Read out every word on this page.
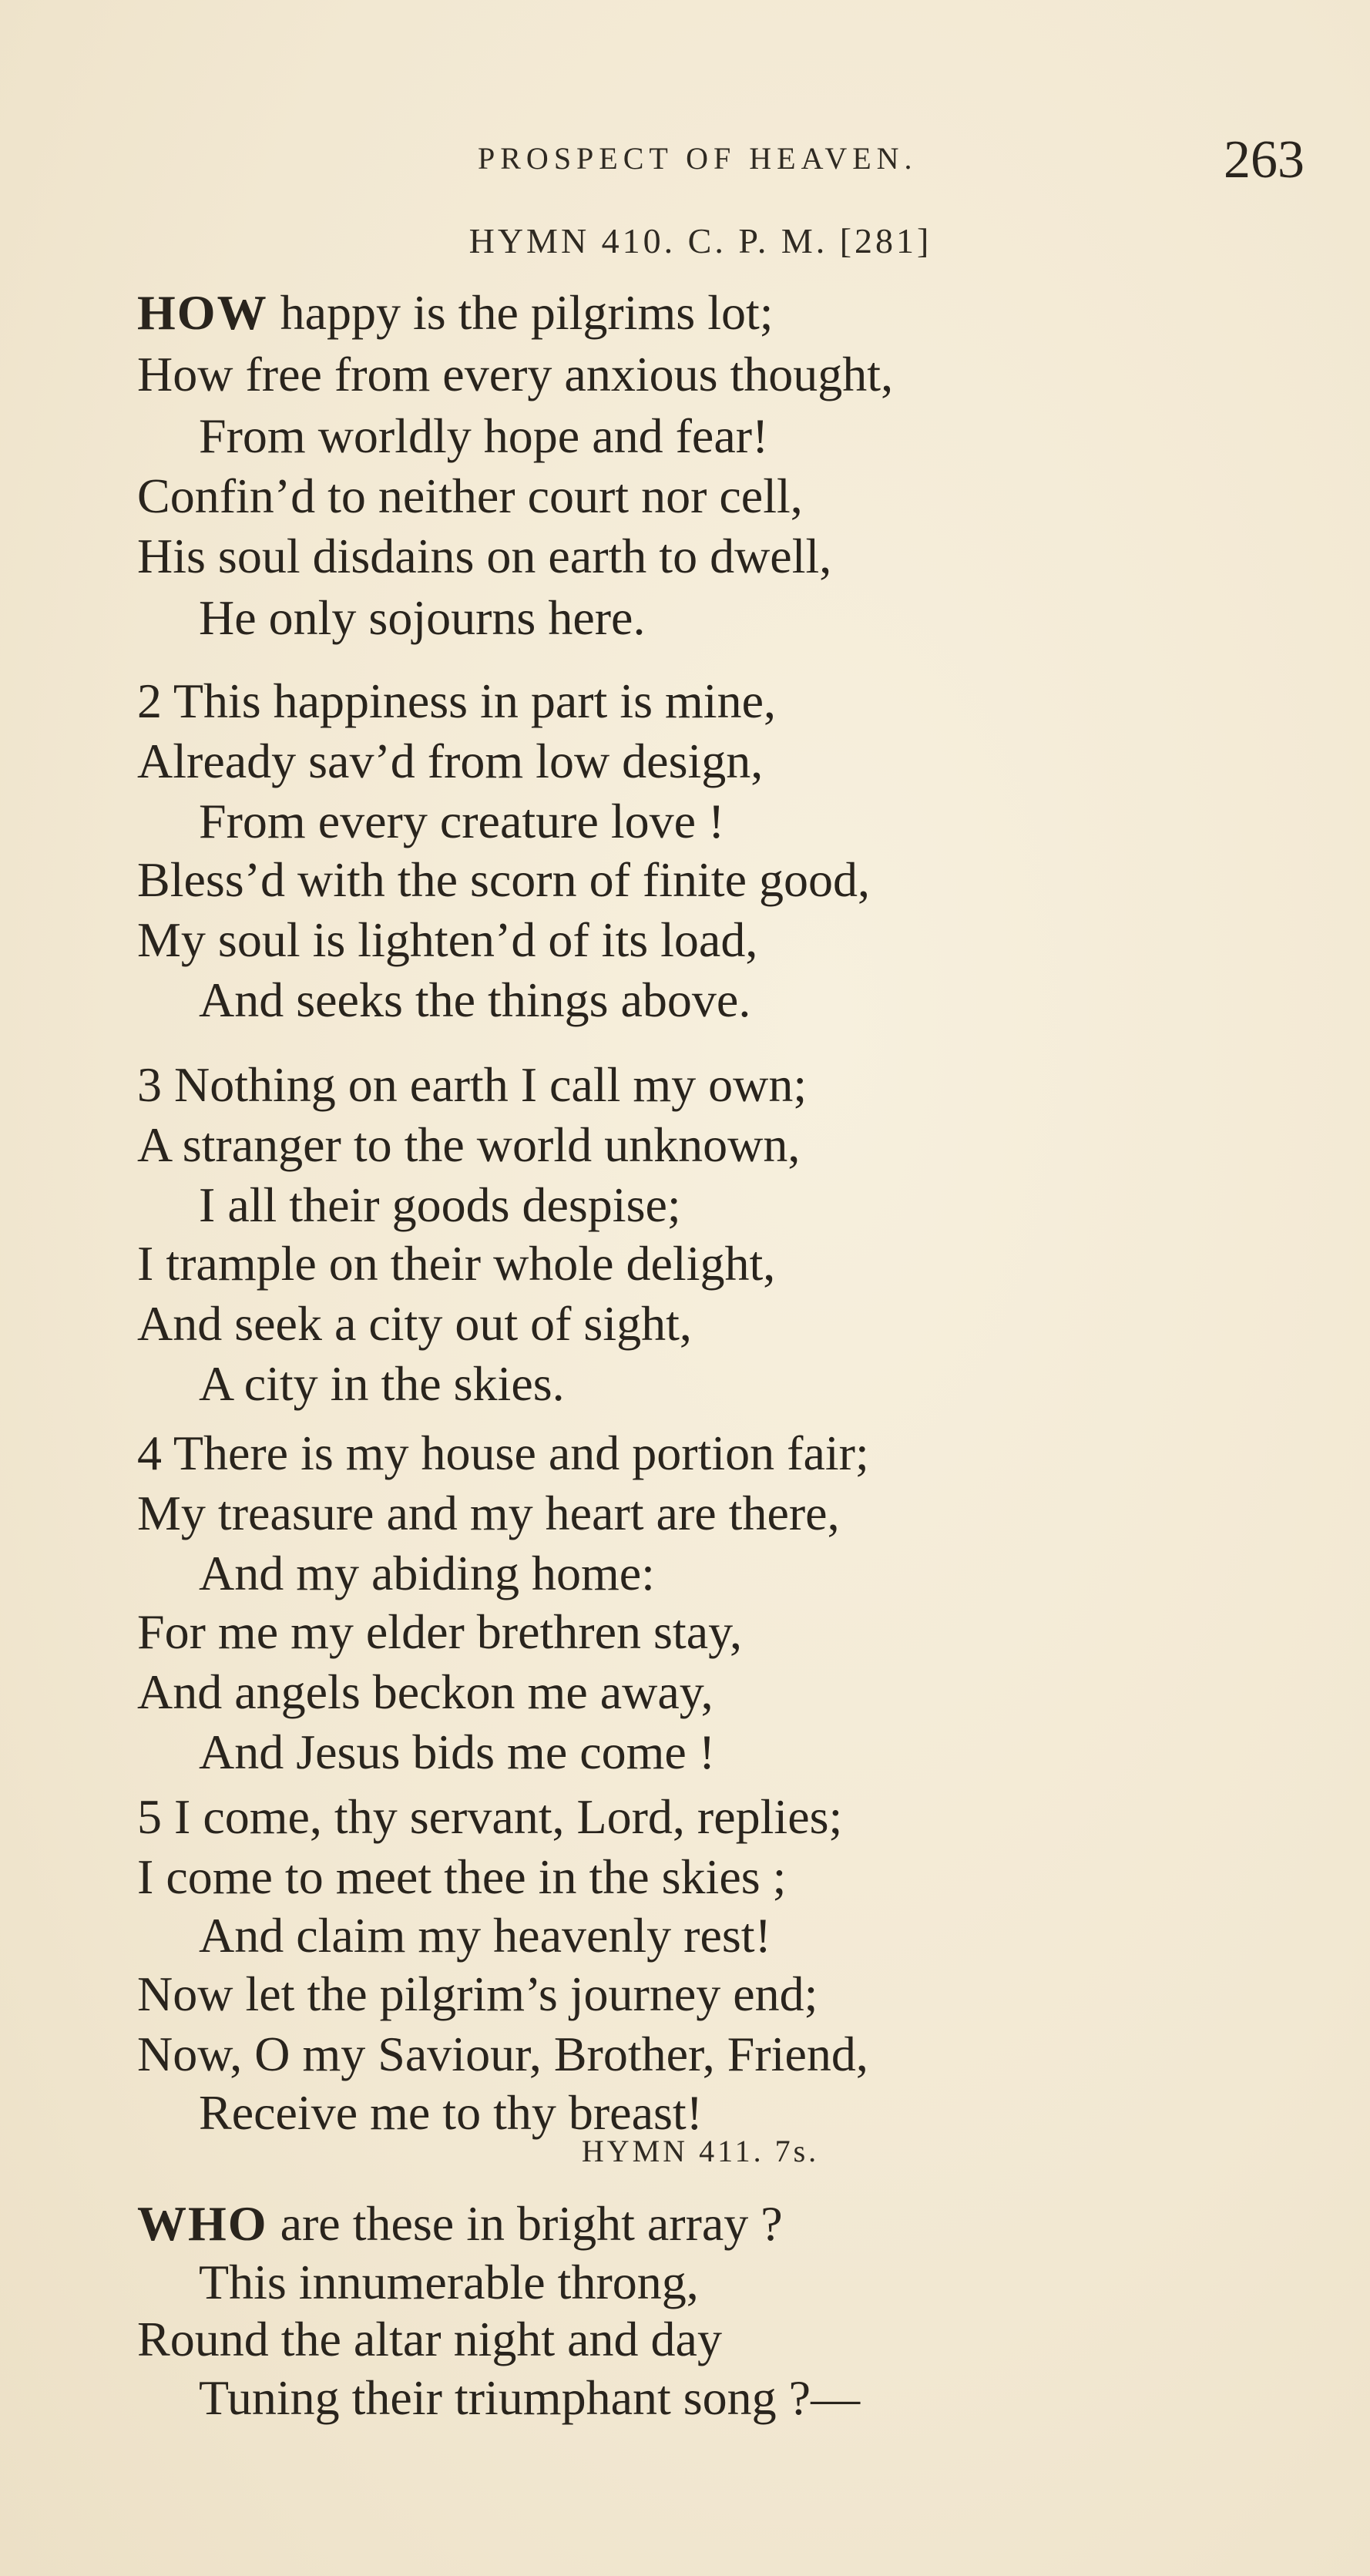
PROSPECT OF HEAVEN.	263
HYMN 410. C. P. M. [281]
HOW happy is the pilgrims lot;
How free from every anxious thought,
From worldly hope and fear!
Confin’d to neither court nor cell,
His soul disdains on earth to dwell,
He only sojourns here.
2 This happiness in part is mine,
Already sav’d from low design,
From every creature love !
Bless’d with the scorn of finite good,
My soul is lighten’d of its load,
And seeks the things above.
3 Nothing on earth I call my own;
A stranger to the world unknown,
I all their goods despise;
I trample on their whole delight,
And seek a city out of sight,
A city in the skies.
4 There is my house and portion fair;
My treasure and my heart are there,
And my abiding home:
For me my elder brethren stay,
And angels beckon me away,
And Jesus bids me come !
5 I come, thy servant, Lord, replies;
I come to meet thee in the skies ;
And claim my heavenly rest!
Now let the pilgrim’s journey end;
Now, O my Saviour, Brother, Friend,
Receive me to thy breast!
HYMN 411. 7s.
WHO are these in bright array ?
This innumerable throng,
Round the altar night and day
Tuning their triumphant song ?—
